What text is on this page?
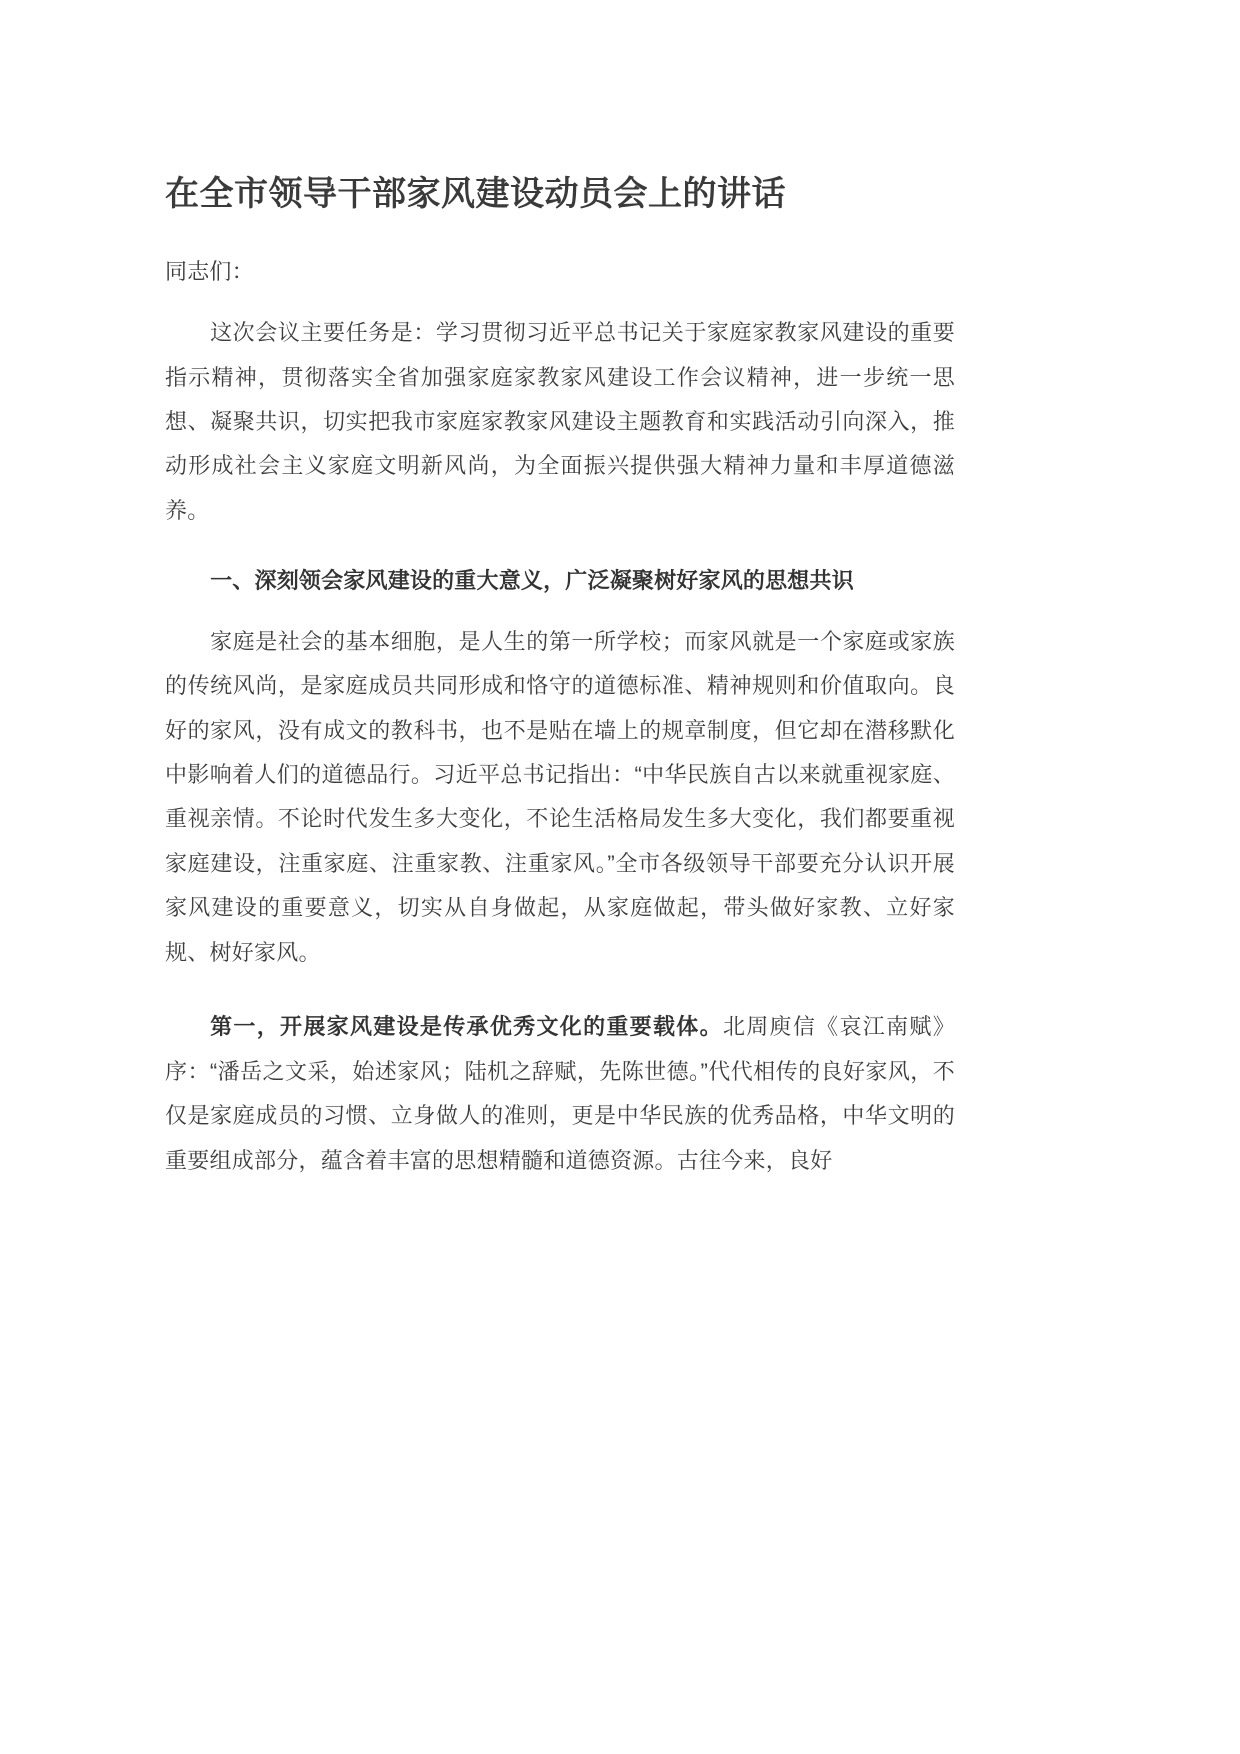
在全市领导干部家风建设动员会上的讲话

同志们：

这次会议主要任务是：学习贯彻习近平总书记关于家庭家教家风建设的重要指示精神，贯彻落实全省加强家庭家教家风建设工作会议精神，进一步统一思想、凝聚共识，切实把我市家庭家教家风建设主题教育和实践活动引向深入，推动形成社会主义家庭文明新风尚，为全面振兴提供强大精神力量和丰厚道德滋养。

一、深刻领会家风建设的重大意义，广泛凝聚树好家风的思想共识

家庭是社会的基本细胞，是人生的第一所学校；而家风就是一个家庭或家族的传统风尚，是家庭成员共同形成和恪守的道德标准、精神规则和价值取向。良好的家风，没有成文的教科书，也不是贴在墙上的规章制度，但它却在潜移默化中影响着人们的道德品行。习近平总书记指出：“中华民族自古以来就重视家庭、重视亲情。不论时代发生多大变化，不论生活格局发生多大变化，我们都要重视家庭建设，注重家庭、注重家教、注重家风。”全市各级领导干部要充分认识开展家风建设的重要意义，切实从自身做起，从家庭做起，带头做好家教、立好家规、树好家风。

第一，开展家风建设是传承优秀文化的重要载体。北周庾信《哀江南赋》序：“潘岳之文采，始述家风；陆机之辞赋，先陈世德。”代代相传的良好家风，不仅是家庭成员的习惯、立身做人的准则，更是中华民族的优秀品格，中华文明的重要组成部分，蕴含着丰富的思想精髓和道德资源。古往今来，良好
